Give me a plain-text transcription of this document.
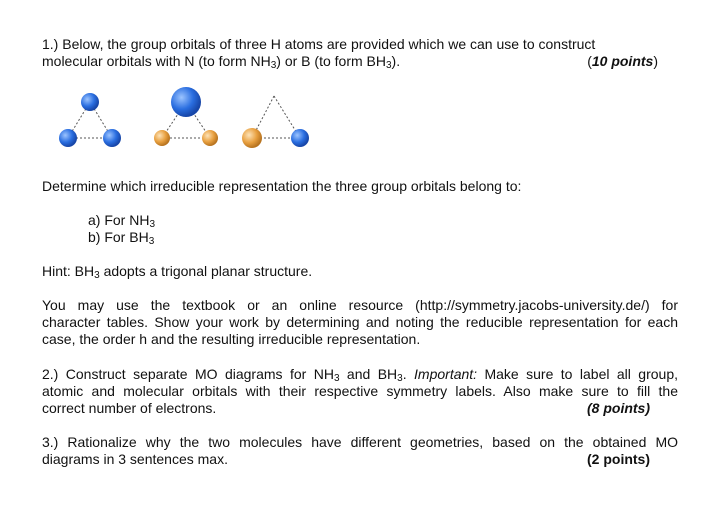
1.) Below, the group orbitals of three H atoms are provided which we can use to construct
molecular orbitals with N (to form $NH_3$) or B (to form $BH_3$).	(10 points)
Determine which irreducible representation the three group orbitals belong to:
a) For $NH_3$
b) For $BH_3$
Hint: $BH_3$ adopts a trigonal planar structure.
You may use the textbook or an online resource (http://symmetry.jacobs-university.de/) for
character tables. Show your work by determining and noting the reducible representation for each
case, the order h and the resulting irreducible representation.
2.) Construct separate MO diagrams for $NH_3$ and $BH_3$. Important: Make sure to label all group,
atomic and molecular orbitals with their respective symmetry labels. Also make sure to fill the
correct number of electrons.	(8 points)
3.) Rationalize why the two molecules have different geometries, based on the obtained MO
diagrams in 3 sentences max.	(2 points)
